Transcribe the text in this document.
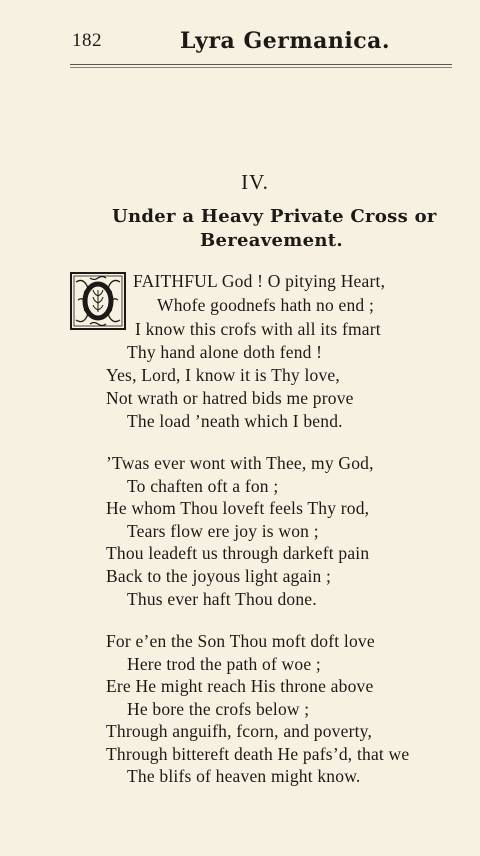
182	Lyra Germanica.
IV.
Under a Heavy Private Cross or
Bereavement.
FAITHFUL God ! O pitying Heart,
Whofe goodnefs hath no end ;
I know this crofs with all its fmart
Thy hand alone doth fend !
Yes, Lord, I know it is Thy love,
Not wrath or hatred bids me prove
The load ’neath which I bend.
’Twas ever wont with Thee, my God,
To chaften oft a fon ;
He whom Thou loveft feels Thy rod,
Tears flow ere joy is won ;
Thou leadeft us through darkeft pain
Back to the joyous light again ;
Thus ever haft Thou done.
For e’en the Son Thou moft doft love
Here trod the path of woe ;
Ere He might reach His throne above
He bore the crofs below ;
Through anguifh, fcorn, and poverty,
Through bittereft death He pafs’d, that we
The blifs of heaven might know.
